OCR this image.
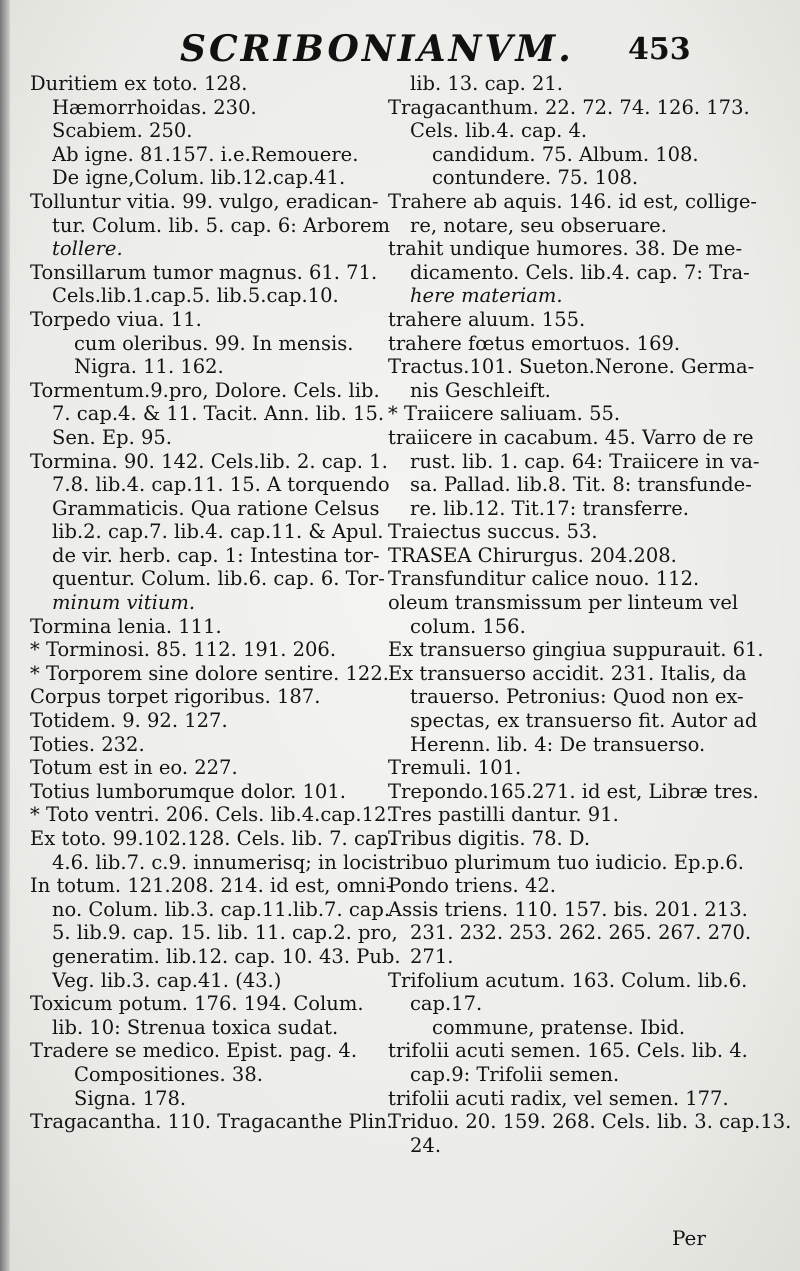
SCRIBONIANVM. 453
Duritiem ex toto. 128.
Hæmorrhoidas. 230.
Scabiem. 250.
Ab igne. 81.157. i.e.Remouere.
De igne,Colum. lib.12.cap.41.
Tolluntur vitia. 99. vulgo, eradican-
tur. Colum. lib. 5. cap. 6: Arborem
tollere.
Tonsillarum tumor magnus. 61. 71.
Cels.lib.1.cap.5. lib.5.cap.10.
Torpedo viua. 11.
cum oleribus. 99. In mensis.
Nigra. 11. 162.
Tormentum.9.pro, Dolore. Cels. lib.
7. cap.4. & 11. Tacit. Ann. lib. 15.
Sen. Ep. 95.
Tormina. 90. 142. Cels.lib. 2. cap. 1.
7.8. lib.4. cap.11. 15. A torquendo
Grammaticis. Qua ratione Celsus
lib.2. cap.7. lib.4. cap.11. & Apul.
de vir. herb. cap. 1: Intestina tor-
quentur. Colum. lib.6. cap. 6. Tor-
minum vitium.
Tormina lenia. 111.
* Torminosi. 85. 112. 191. 206.
* Torporem sine dolore sentire. 122.
Corpus torpet rigoribus. 187.
Totidem. 9. 92. 127.
Toties. 232.
Totum est in eo. 227.
Totius lumborumque dolor. 101.
* Toto ventri. 206. Cels. lib.4.cap.12.
Ex toto. 99.102.128. Cels. lib. 7. cap.
4.6. lib.7. c.9. innumerisq; in locis.
In totum. 121.208. 214. id est, omni-
no. Colum. lib.3. cap.11.lib.7. cap.
5. lib.9. cap. 15. lib. 11. cap.2. pro,
generatim. lib.12. cap. 10. 43. Pub.
Veg. lib.3. cap.41. (43.)
Toxicum potum. 176. 194. Colum.
lib. 10: Strenua toxica sudat.
Tradere se medico. Epist. pag. 4.
Compositiones. 38.
Signa. 178.
Tragacantha. 110. Tragacanthe Plin.
lib. 13. cap. 21.
Tragacanthum. 22. 72. 74. 126. 173.
Cels. lib.4. cap. 4.
candidum. 75. Album. 108.
contundere. 75. 108.
Trahere ab aquis. 146. id est, collige-
re, notare, seu obseruare.
trahit undique humores. 38. De me-
dicamento. Cels. lib.4. cap. 7: Tra-
here materiam.
trahere aluum. 155.
trahere fœtus emortuos. 169.
Tractus.101. Sueton.Nerone. Germa-
nis Geschleift.
* Traiicere saliuam. 55.
traiicere in cacabum. 45. Varro de re
rust. lib. 1. cap. 64: Traiicere in va-
sa. Pallad. lib.8. Tit. 8: transfunde-
re. lib.12. Tit.17: transferre.
Traiectus succus. 53.
TRASEA Chirurgus. 204.208.
Transfunditur calice nouo. 112.
oleum transmissum per linteum vel
colum. 156.
Ex transuerso gingiua suppurauit. 61.
Ex transuerso accidit. 231. Italis, da
trauerso. Petronius: Quod non ex-
spectas, ex transuerso fit. Autor ad
Herenn. lib. 4: De transuerso.
Tremuli. 101.
Trepondo.165.271. id est, Libræ tres.
Tres pastilli dantur. 91.
Tribus digitis. 78. D.
tribuo plurimum tuo iudicio. Ep.p.6.
Pondo triens. 42.
Assis triens. 110. 157. bis. 201. 213.
231. 232. 253. 262. 265. 267. 270.
271.
Trifolium acutum. 163. Colum. lib.6.
cap.17.
commune, pratense. Ibid.
trifolii acuti semen. 165. Cels. lib. 4.
cap.9: Trifolii semen.
trifolii acuti radix, vel semen. 177.
Triduo. 20. 159. 268. Cels. lib. 3. cap.13.
24.
Per
